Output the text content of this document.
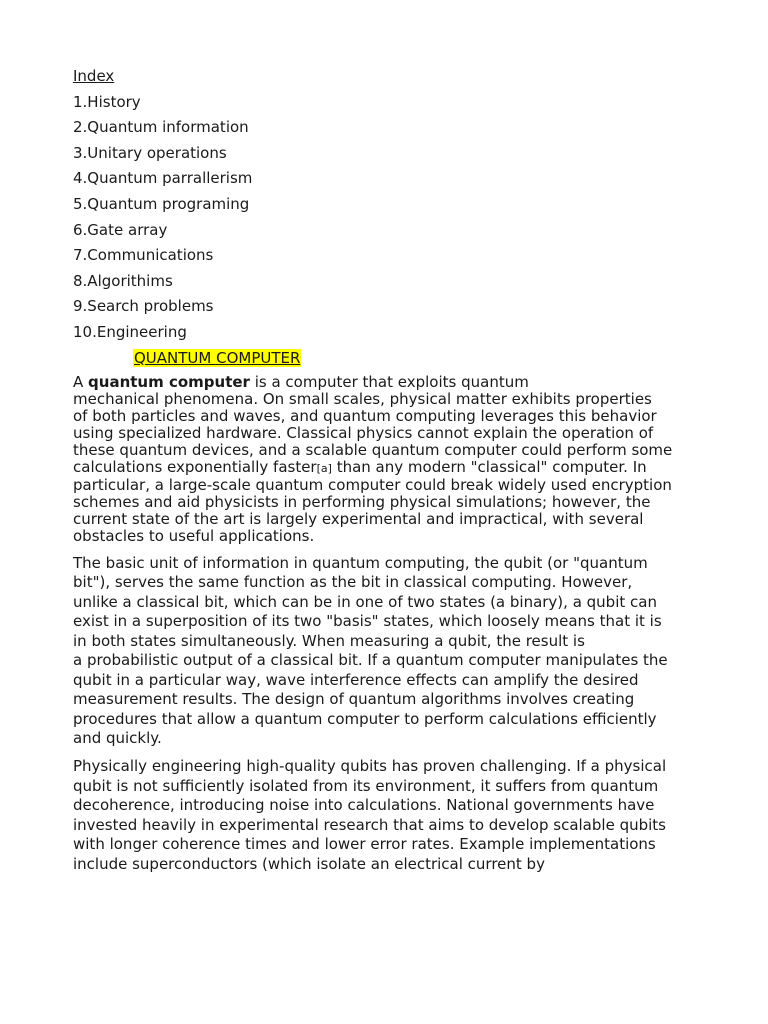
Index
1.History
2.Quantum information
3.Unitary operations
4.Quantum parrallerism
5.Quantum programing
6.Gate array
7.Communications
8.Algorithims
9.Search problems
10.Engineering
QUANTUM COMPUTER
A quantum computer is a computer that exploits quantum
mechanical phenomena. On small scales, physical matter exhibits properties
of both particles and waves, and quantum computing leverages this behavior
using specialized hardware. Classical physics cannot explain the operation of
these quantum devices, and a scalable quantum computer could perform some
calculations exponentially faster[a] than any modern "classical" computer. In
particular, a large-scale quantum computer could break widely used encryption
schemes and aid physicists in performing physical simulations; however, the
current state of the art is largely experimental and impractical, with several
obstacles to useful applications.
The basic unit of information in quantum computing, the qubit (or "quantum
bit"), serves the same function as the bit in classical computing. However,
unlike a classical bit, which can be in one of two states (a binary), a qubit can
exist in a superposition of its two "basis" states, which loosely means that it is
in both states simultaneously. When measuring a qubit, the result is
a probabilistic output of a classical bit. If a quantum computer manipulates the
qubit in a particular way, wave interference effects can amplify the desired
measurement results. The design of quantum algorithms involves creating
procedures that allow a quantum computer to perform calculations efficiently
and quickly.
Physically engineering high-quality qubits has proven challenging. If a physical
qubit is not sufficiently isolated from its environment, it suffers from quantum
decoherence, introducing noise into calculations. National governments have
invested heavily in experimental research that aims to develop scalable qubits
with longer coherence times and lower error rates. Example implementations
include superconductors (which isolate an electrical current by
